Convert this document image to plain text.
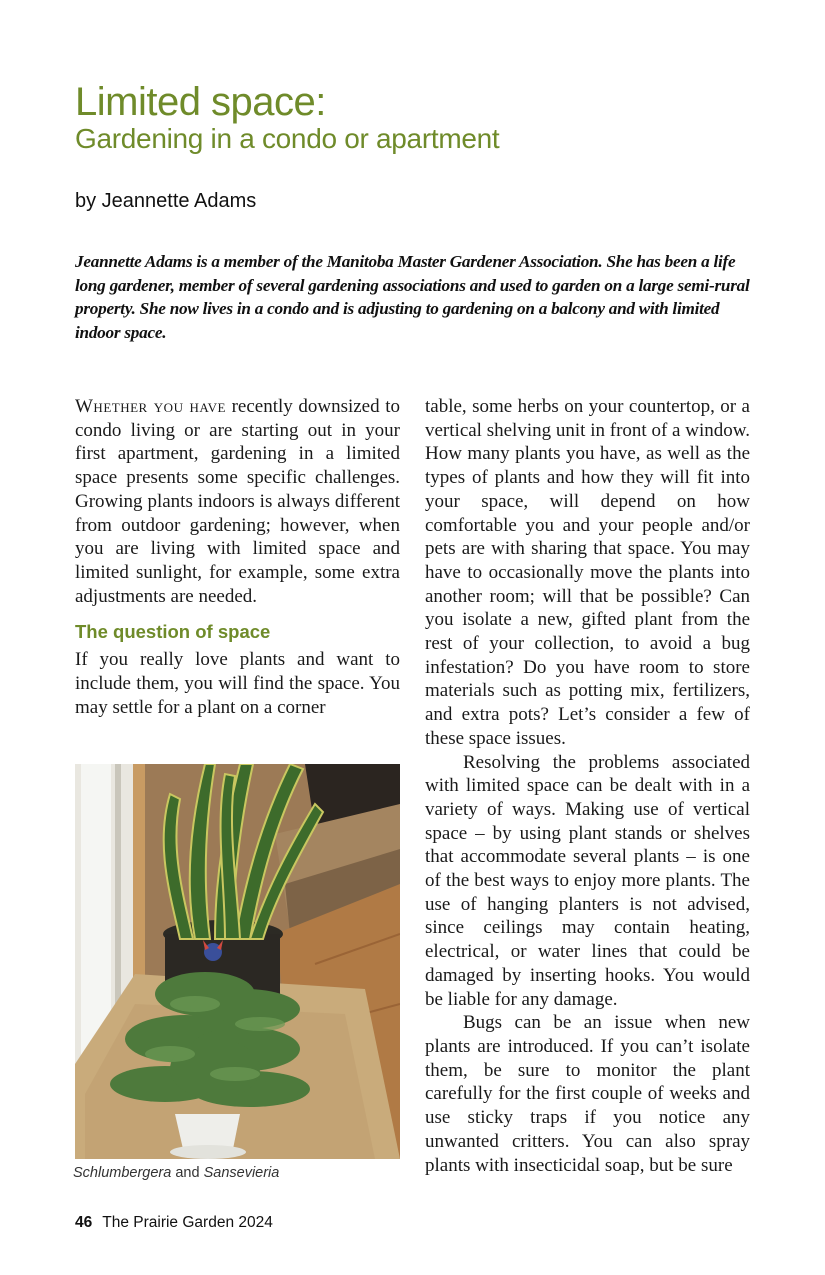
Limited space:
Gardening in a condo or apartment
by Jeannette Adams

Jeannette Adams is a member of the Manitoba Master Gardener Association. She has been a life long gardener, member of several gardening associations and used to garden on a large semi-rural property. She now lives in a condo and is adjusting to gardening on a balcony and with limited indoor space.

Whether you have recently downsized to condo living or are starting out in your first apartment, gardening in a limited space presents some specific challenges. Growing plants indoors is always different from outdoor gardening; however, when you are living with limited space and limited sunlight, for example, some extra adjustments are needed.

The question of space

If you really love plants and want to include them, you will find the space. You may settle for a plant on a corner

Schlumbergera and Sansevieria

table, some herbs on your countertop, or a vertical shelving unit in front of a window. How many plants you have, as well as the types of plants and how they will fit into your space, will depend on how comfortable you and your people and/or pets are with sharing that space. You may have to occasionally move the plants into another room; will that be possible? Can you isolate a new, gifted plant from the rest of your collection, to avoid a bug infestation? Do you have room to store materials such as potting mix, fertilizers, and extra pots? Let’s consider a few of these space issues.

Resolving the problems associated with limited space can be dealt with in a variety of ways. Making use of vertical space – by using plant stands or shelves that accommodate several plants – is one of the best ways to enjoy more plants. The use of hanging planters is not advised, since ceilings may contain heating, electrical, or water lines that could be damaged by inserting hooks. You would be liable for any damage.

Bugs can be an issue when new plants are introduced. If you can’t isolate them, be sure to monitor the plant carefully for the first couple of weeks and use sticky traps if you notice any unwanted critters. You can also spray plants with insecticidal soap, but be sure

46 The Prairie Garden 2024
